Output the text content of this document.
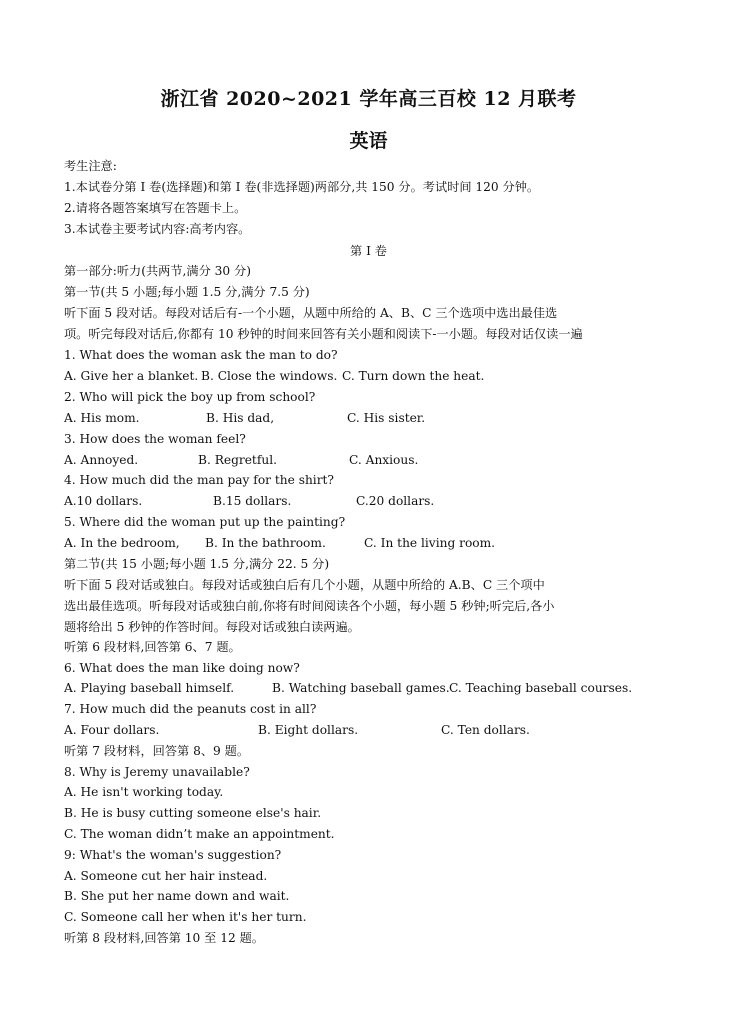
浙江省 2020~2021 学年高三百校 12 月联考
英语
考生注意:
1.本试卷分第 I 卷(选择题)和第 I 卷(非选择题)两部分,共 150 分。考试时间 120 分钟。
2.请将各题答案填写在答题卡上。
3.本试卷主要考试内容:高考内容。
第 I 卷
第一部分:听力(共两节,满分 30 分)
第一节(共 5 小题;每小题 1.5 分,满分 7.5 分)
听下面 5 段对话。每段对话后有-一个小题，从题中所给的 A、B、C 三个选项中选出最佳选
项。听完每段对话后,你都有 10 秒钟的时间来回答有关小题和阅读下-一小题。每段对话仅读一遍
1. What does the woman ask the man to do?
A. Give her a blanket. B. Close the windows. C. Turn down the heat.
2. Who will pick the boy up from school?
A. His mom.	B. His dad,	C. His sister.
3. How does the woman feel?
A. Annoyed.	B. Regretful.	C. Anxious.
4. How much did the man pay for the shirt?
A.10 dollars.	B.15 dollars.	C.20 dollars.
5. Where did the woman put up the painting?
A. In the bedroom, B. In the bathroom.	C. In the living room.
第二节(共 15 小题;每小题 1.5 分,满分 22. 5 分)
听下面 5 段对话或独白。每段对话或独白后有几个小题，从题中所给的 A.B、C 三个项中
选出最佳选项。听每段对话或独白前,你将有时间阅读各个小题，每小题 5 秒钟;听完后,各小
题将给出 5 秒钟的作答时间。每段对话或独白读两遍。
听第 6 段材料,回答第 6、7 题。
6. What does the man like doing now?
A. Playing baseball himself.	B. Watching baseball games. C. Teaching baseball courses.
7. How much did the peanuts cost in all?
A. Four dollars.	B. Eight dollars.	C. Ten dollars.
听第 7 段材料，回答第 8、9 题。
8. Why is Jeremy unavailable?
A. He isn't working today.
B. He is busy cutting someone else's hair.
C. The woman didn’t make an appointment.
9: What's the woman's suggestion?
A. Someone cut her hair instead.
B. She put her name down and wait.
C. Someone call her when it's her turn.
听第 8 段材料,回答第 10 至 12 题。
